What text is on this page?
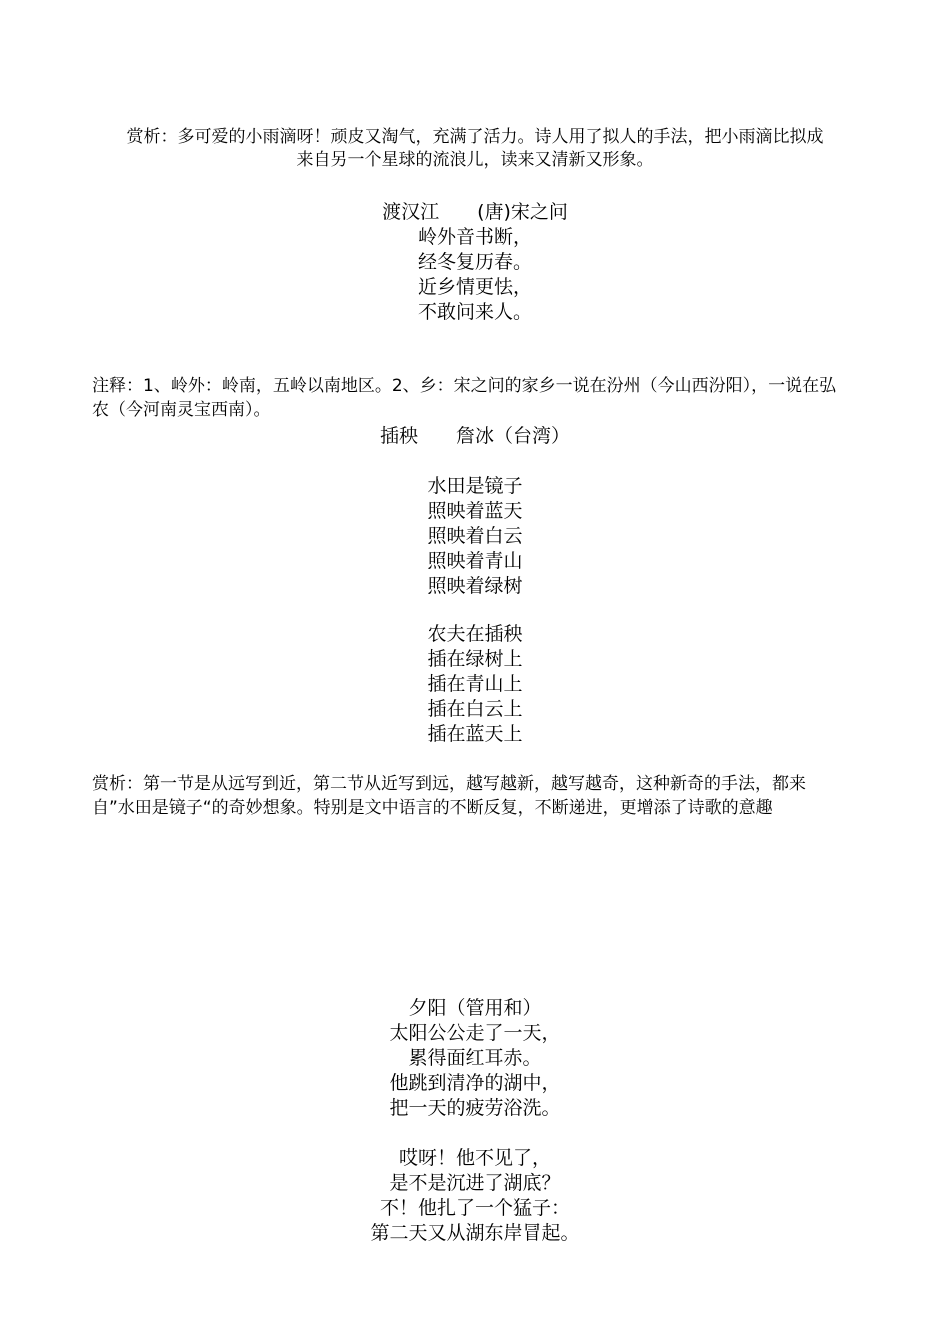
赏析：多可爱的小雨滴呀！顽皮又淘气，充满了活力。诗人用了拟人的手法，把小雨滴比拟成
来自另一个星球的流浪儿，读来又清新又形象。
渡汉江　　(唐)宋之问
岭外音书断，
经冬复历春。
近乡情更怯，
不敢问来人。
注释：1、岭外：岭南，五岭以南地区。2、乡：宋之问的家乡一说在汾州（今山西汾阳），一说在弘
农（今河南灵宝西南）。
插秧　　詹冰（台湾）
水田是镜子
照映着蓝天
照映着白云
照映着青山
照映着绿树
农夫在插秧
插在绿树上
插在青山上
插在白云上
插在蓝天上
赏析：第一节是从远写到近，第二节从近写到远，越写越新，越写越奇，这种新奇的手法，都来
自”水田是镜子“的奇妙想象。特别是文中语言的不断反复，不断递进，更增添了诗歌的意趣
夕阳（管用和）
太阳公公走了一天，
累得面红耳赤。
他跳到清净的湖中，
把一天的疲劳浴洗。
哎呀！他不见了，
是不是沉进了湖底？
不！他扎了一个猛子：
第二天又从湖东岸冒起。
